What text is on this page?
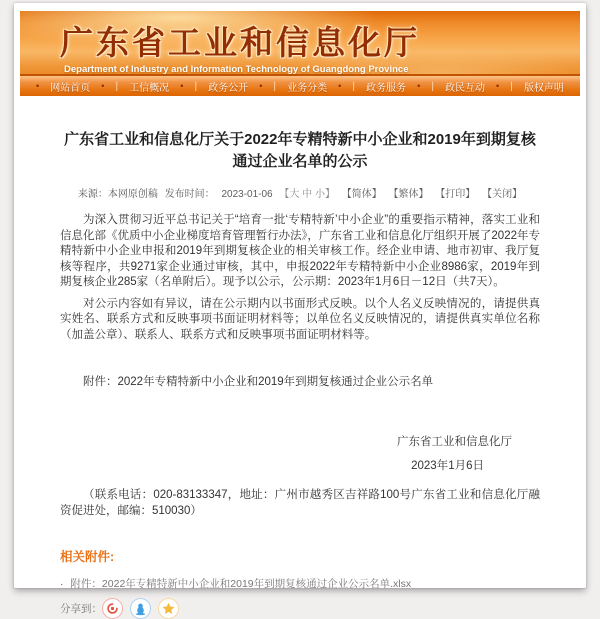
广东省工业和信息化厅
Department of Industry and Information Technology of Guangdong Province
• 网站首页 • | 工信概况 • | 政务公开 • | 业务分类 • | 政务服务 • | 政民互动 • | 版权声明
广东省工业和信息化厅关于2022年专精特新中小企业和2019年到期复核通过企业名单的公示
来源：本网原创稿 发布时间： 2023-01-06 【大 中 小】 【简体】 【繁体】 【打印】 【关闭】

为深入贯彻习近平总书记关于“培育一批‘专精特新’中小企业”的重要指示精神，落实工业和信息化部《优质中小企业梯度培育管理暂行办法》，广东省工业和信息化厅组织开展了2022年专精特新中小企业申报和2019年到期复核企业的相关审核工作。经企业申请、地市初审、我厅复核等程序，共9271家企业通过审核，其中，申报2022年专精特新中小企业8986家，2019年到期复核企业285家（名单附后）。现予以公示，公示期：2023年1月6日－12日（共7天）。

对公示内容如有异议，请在公示期内以书面形式反映。以个人名义反映情况的，请提供真实姓名、联系方式和反映事项书面证明材料等；以单位名义反映情况的，请提供真实单位名称（加盖公章）、联系人、联系方式和反映事项书面证明材料等。

附件：2022年专精特新中小企业和2019年到期复核通过企业公示名单

广东省工业和信息化厅
2023年1月6日

（联系电话：020-83133347，地址：广州市越秀区吉祥路100号广东省工业和信息化厅融资促进处，邮编：510030）

相关附件:
· 附件：2022年专精特新中小企业和2019年到期复核通过企业公示名单.xlsx
分享到：
